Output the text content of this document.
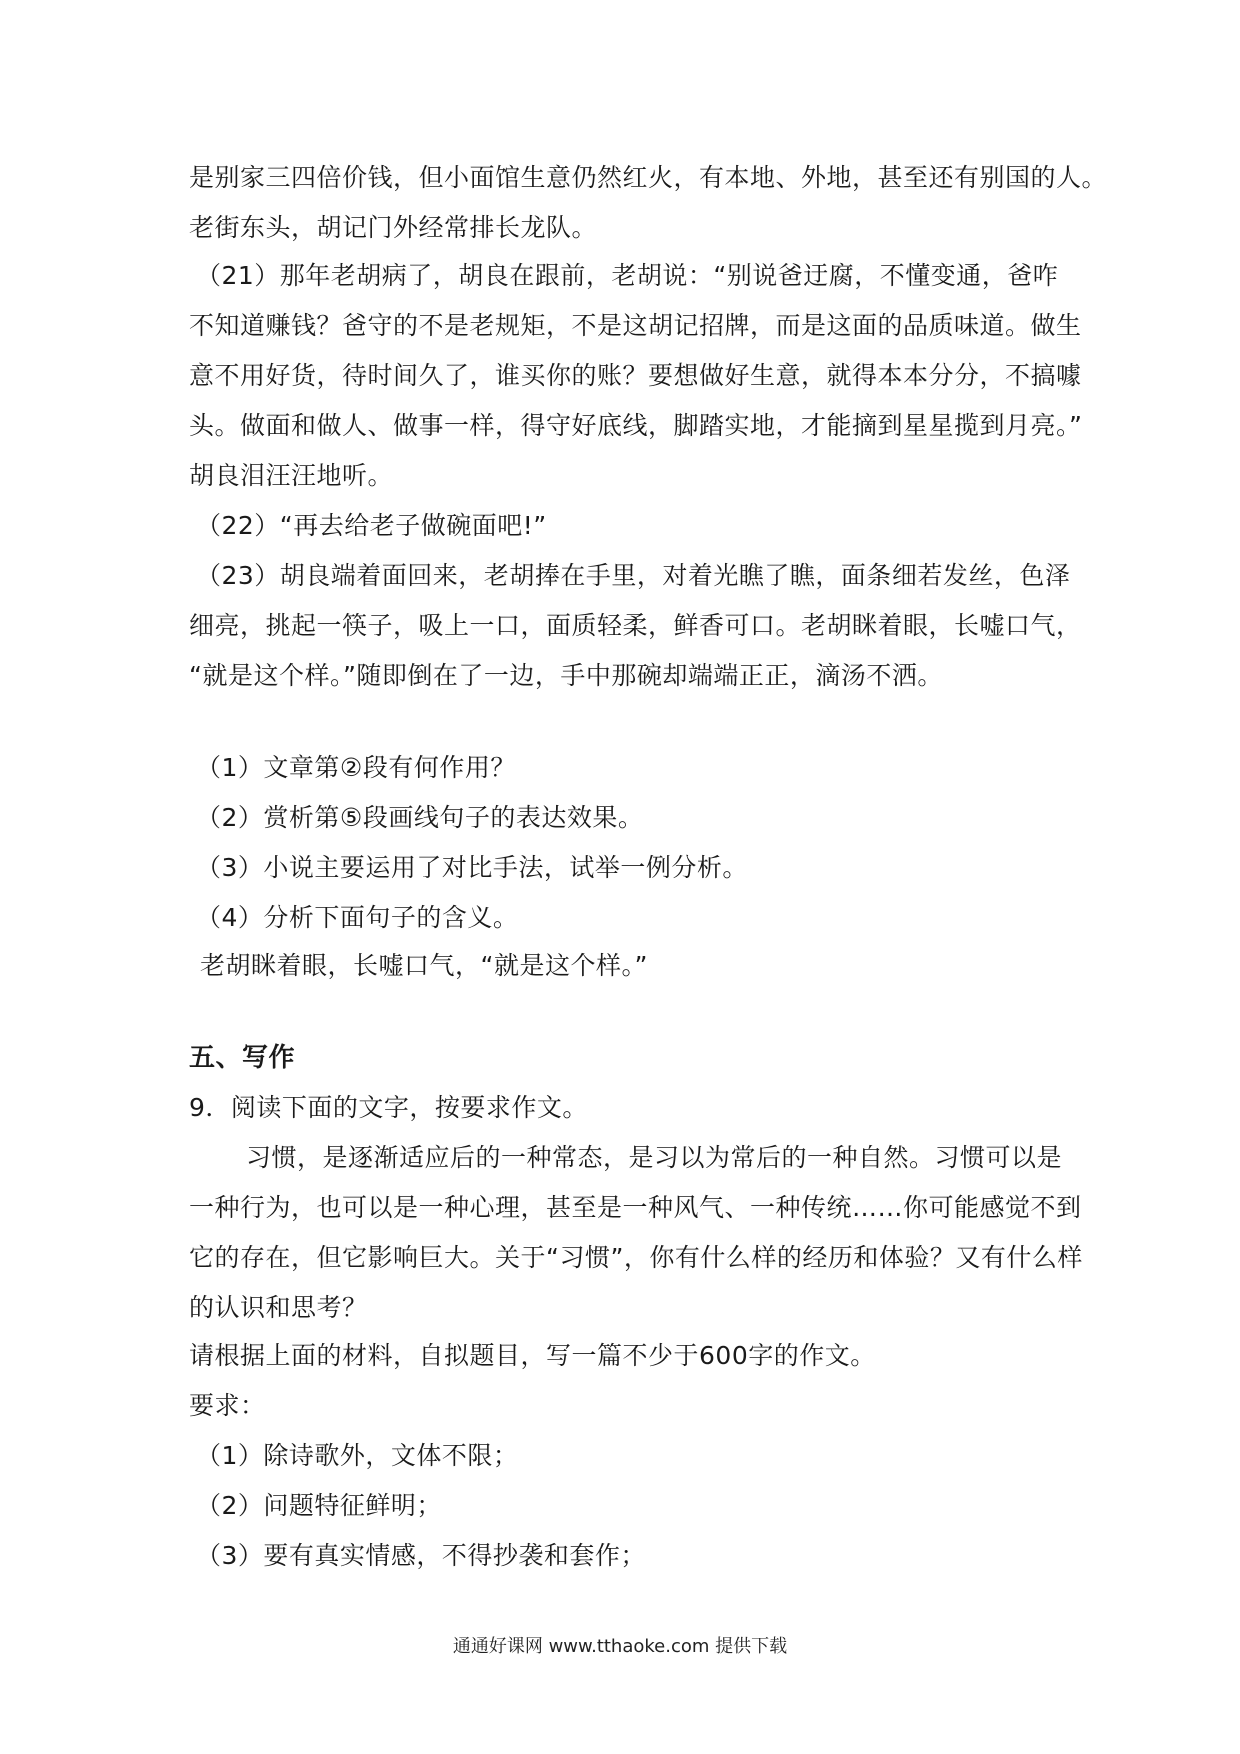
是别家三四倍价钱，但小面馆生意仍然红火，有本地、外地，甚至还有别国的人。
老街东头，胡记门外经常排长龙队。
（21）那年老胡病了，胡良在跟前，老胡说：“别说爸迂腐，不懂变通，爸咋
不知道赚钱？爸守的不是老规矩，不是这胡记招牌，而是这面的品质味道。做生
意不用好货，待时间久了，谁买你的账？要想做好生意，就得本本分分，不搞噱
头。做面和做人、做事一样，得守好底线，脚踏实地，才能摘到星星揽到月亮。”
胡良泪汪汪地听。
（22）“再去给老子做碗面吧!”
（23）胡良端着面回来，老胡捧在手里，对着光瞧了瞧，面条细若发丝，色泽
细亮，挑起一筷子，吸上一口，面质轻柔，鲜香可口。老胡眯着眼，长嘘口气，
“就是这个样。”随即倒在了一边，手中那碗却端端正正，滴汤不洒。
（1）文章第②段有何作用？
（2）赏析第⑤段画线句子的表达效果。
（3）小说主要运用了对比手法，试举一例分析。
（4）分析下面句子的含义。
老胡眯着眼，长嘘口气，“就是这个样。”
五、写作
9．阅读下面的文字，按要求作文。
习惯，是逐渐适应后的一种常态，是习以为常后的一种自然。习惯可以是
一种行为，也可以是一种心理，甚至是一种风气、一种传统……你可能感觉不到
它的存在，但它影响巨大。关于“习惯”，你有什么样的经历和体验？又有什么样
的认识和思考？
请根据上面的材料，自拟题目，写一篇不少于600字的作文。
要求：
（1）除诗歌外，文体不限；
（2）问题特征鲜明；
（3）要有真实情感，不得抄袭和套作；
通通好课网 www.tthaoke.com 提供下载
